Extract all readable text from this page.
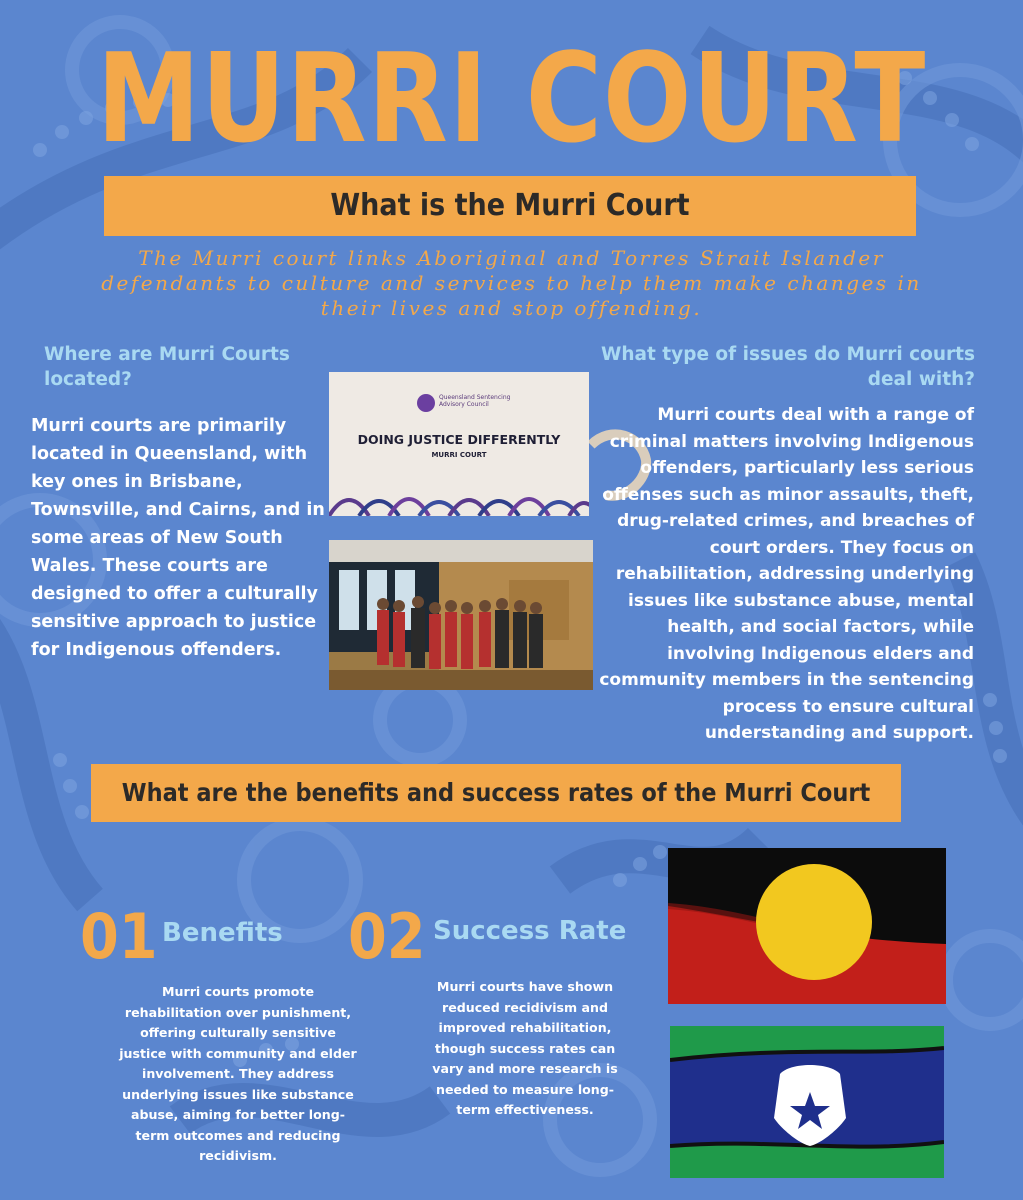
MURRI COURT
What is the Murri Court
The Murri court links Aboriginal and Torres Strait Islander defendants to culture and services to help them make changes in their lives and stop offending.
Where are Murri Courts located?
Murri courts are primarily located in Queensland, with key ones in Brisbane, Townsville, and Cairns, and in some areas of New South Wales. These courts are designed to offer a culturally sensitive approach to justice for Indigenous offenders.
What type of issues do Murri courts deal with?
Murri courts deal with a range of criminal matters involving Indigenous offenders, particularly less serious offenses such as minor assaults, theft, drug-related crimes, and breaches of court orders. They focus on rehabilitation, addressing underlying issues like substance abuse, mental health, and social factors, while involving Indigenous elders and community members in the sentencing process to ensure cultural understanding and support.
Queensland Sentencing Advisory Council
DOING JUSTICE DIFFERENTLY
MURRI COURT
What are the benefits and success rates of the Murri Court
01 Benefits
Murri courts promote rehabilitation over punishment, offering culturally sensitive justice with community and elder involvement. They address underlying issues like substance abuse, aiming for better long-term outcomes and reducing recidivism.
02 Success Rate
Murri courts have shown reduced recidivism and improved rehabilitation, though success rates can vary and more research is needed to measure long-term effectiveness.
